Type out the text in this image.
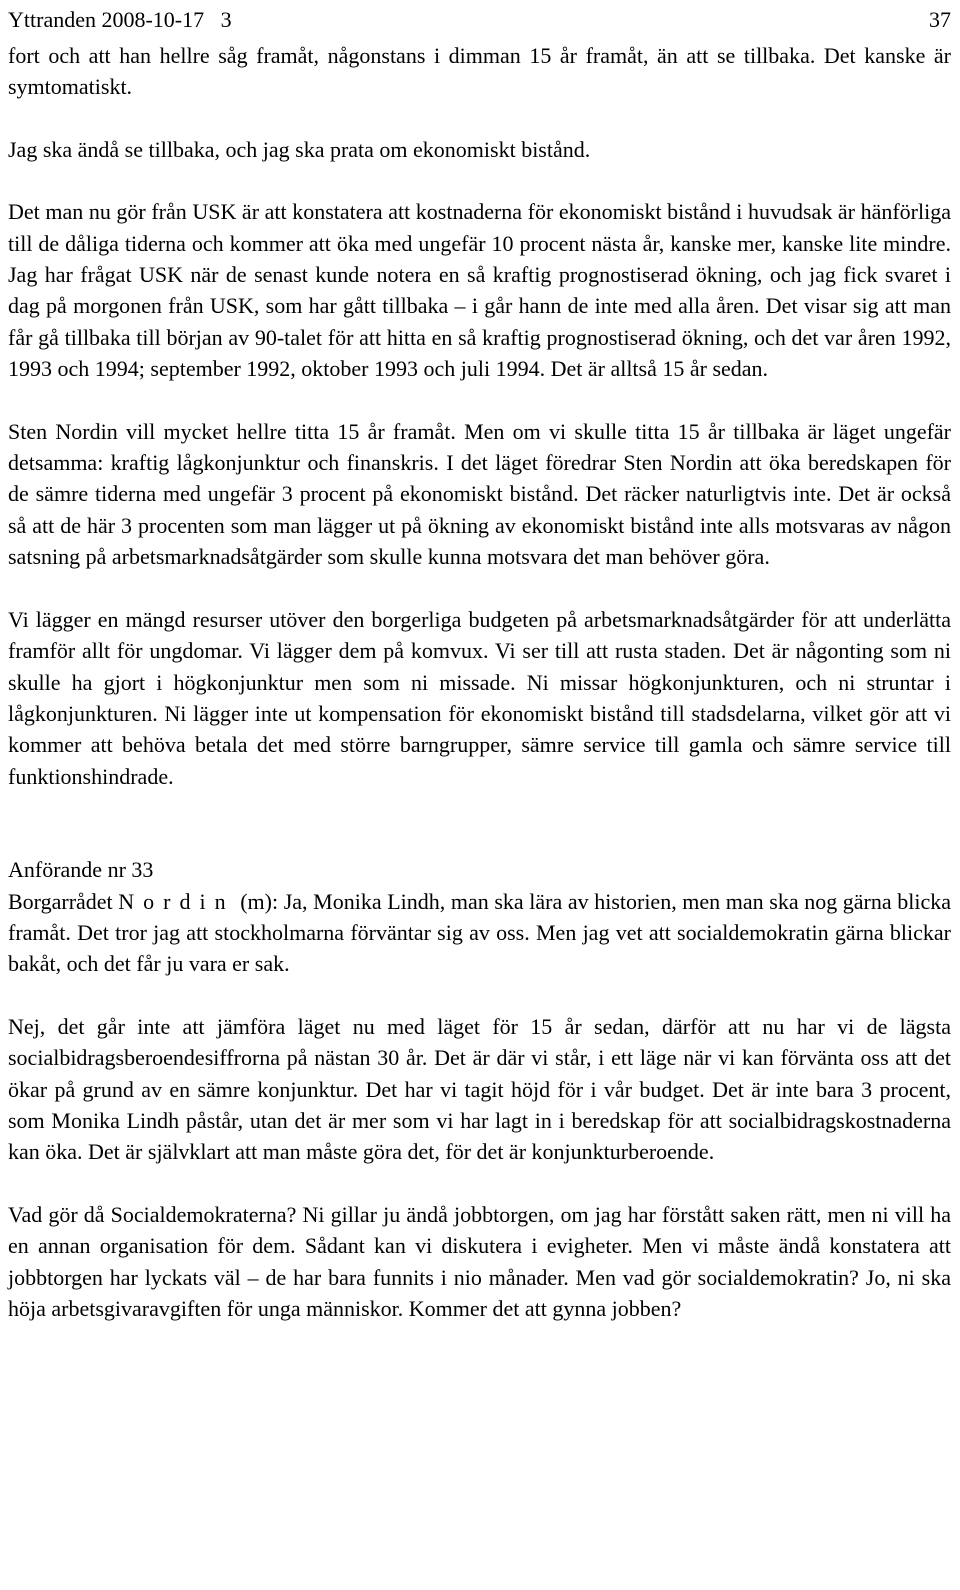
Yttranden 2008-10-17 3	37

fort och att han hellre såg framåt, någonstans i dimman 15 år framåt, än att se tillbaka. Det kanske är symtomatiskt.

Jag ska ändå se tillbaka, och jag ska prata om ekonomiskt bistånd.

Det man nu gör från USK är att konstatera att kostnaderna för ekonomiskt bistånd i huvudsak är hänförliga till de dåliga tiderna och kommer att öka med ungefär 10 procent nästa år, kanske mer, kanske lite mindre. Jag har frågat USK när de senast kunde notera en så kraftig prognostiserad ökning, och jag fick svaret i dag på morgonen från USK, som har gått tillbaka – i går hann de inte med alla åren. Det visar sig att man får gå tillbaka till början av 90-talet för att hitta en så kraftig prognostiserad ökning, och det var åren 1992, 1993 och 1994; september 1992, oktober 1993 och juli 1994. Det är alltså 15 år sedan.

Sten Nordin vill mycket hellre titta 15 år framåt. Men om vi skulle titta 15 år tillbaka är läget ungefär detsamma: kraftig lågkonjunktur och finanskris. I det läget föredrar Sten Nordin att öka beredskapen för de sämre tiderna med ungefär 3 procent på ekonomiskt bistånd. Det räcker naturligtvis inte. Det är också så att de här 3 procenten som man lägger ut på ökning av ekonomiskt bistånd inte alls motsvaras av någon satsning på arbetsmarknadsåtgärder som skulle kunna motsvara det man behöver göra.

Vi lägger en mängd resurser utöver den borgerliga budgeten på arbetsmarknadsåtgärder för att underlätta framför allt för ungdomar. Vi lägger dem på komvux. Vi ser till att rusta staden. Det är någonting som ni skulle ha gjort i högkonjunktur men som ni missade. Ni missar högkonjunkturen, och ni struntar i lågkonjunkturen. Ni lägger inte ut kompensation för ekonomiskt bistånd till stadsdelarna, vilket gör att vi kommer att behöva betala det med större barngrupper, sämre service till gamla och sämre service till funktionshindrade.

Anförande nr 33

Borgarrådet Nordin (m): Ja, Monika Lindh, man ska lära av historien, men man ska nog gärna blicka framåt. Det tror jag att stockholmarna förväntar sig av oss. Men jag vet att socialdemokratin gärna blickar bakåt, och det får ju vara er sak.

Nej, det går inte att jämföra läget nu med läget för 15 år sedan, därför att nu har vi de lägsta socialbidragsberoendesiffrorna på nästan 30 år. Det är där vi står, i ett läge när vi kan förvänta oss att det ökar på grund av en sämre konjunktur. Det har vi tagit höjd för i vår budget. Det är inte bara 3 procent, som Monika Lindh påstår, utan det är mer som vi har lagt in i beredskap för att socialbidragskostnaderna kan öka. Det är självklart att man måste göra det, för det är konjunkturberoende.

Vad gör då Socialdemokraterna? Ni gillar ju ändå jobbtorgen, om jag har förstått saken rätt, men ni vill ha en annan organisation för dem. Sådant kan vi diskutera i evigheter. Men vi måste ändå konstatera att jobbtorgen har lyckats väl – de har bara funnits i nio månader. Men vad gör socialdemokratin? Jo, ni ska höja arbetsgivaravgiften för unga människor. Kommer det att gynna jobben?
